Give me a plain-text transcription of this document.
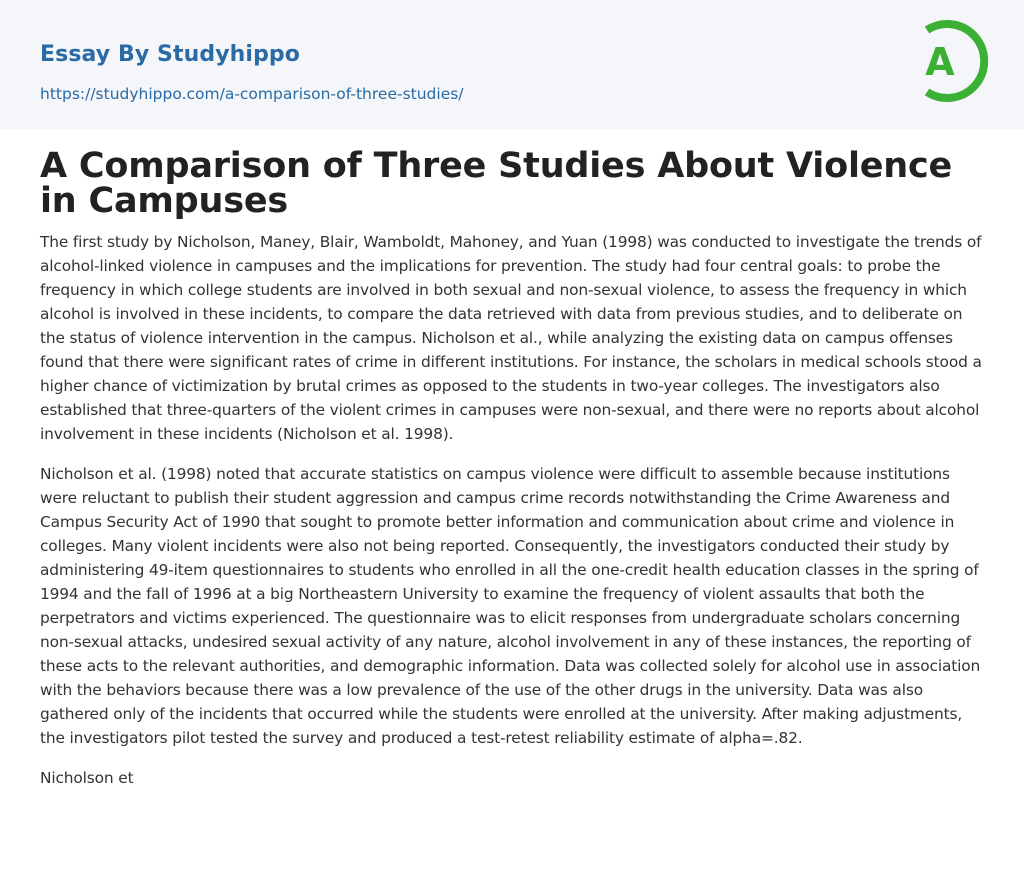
Essay By Studyhippo
https://studyhippo.com/a-comparison-of-three-studies/
A
A Comparison of Three Studies About Violence in Campuses

The first study by Nicholson, Maney, Blair, Wamboldt, Mahoney, and Yuan (1998) was conducted to investigate the trends of alcohol-linked violence in campuses and the implications for prevention. The study had four central goals: to probe the frequency in which college students are involved in both sexual and non-sexual violence, to assess the frequency in which alcohol is involved in these incidents, to compare the data retrieved with data from previous studies, and to deliberate on the status of violence intervention in the campus. Nicholson et al., while analyzing the existing data on campus offenses found that there were significant rates of crime in different institutions. For instance, the scholars in medical schools stood a higher chance of victimization by brutal crimes as opposed to the students in two-year colleges. The investigators also established that three-quarters of the violent crimes in campuses were non-sexual, and there were no reports about alcohol involvement in these incidents (Nicholson et al. 1998).

Nicholson et al. (1998) noted that accurate statistics on campus violence were difficult to assemble because institutions were reluctant to publish their student aggression and campus crime records notwithstanding the Crime Awareness and Campus Security Act of 1990 that sought to promote better information and communication about crime and violence in colleges. Many violent incidents were also not being reported. Consequently, the investigators conducted their study by administering 49-item questionnaires to students who enrolled in all the one-credit health education classes in the spring of 1994 and the fall of 1996 at a big Northeastern University to examine the frequency of violent assaults that both the perpetrators and victims experienced. The questionnaire was to elicit responses from undergraduate scholars concerning non-sexual attacks, undesired sexual activity of any nature, alcohol involvement in any of these instances, the reporting of these acts to the relevant authorities, and demographic information. Data was collected solely for alcohol use in association with the behaviors because there was a low prevalence of the use of the other drugs in the university. Data was also gathered only of the incidents that occurred while the students were enrolled at the university. After making adjustments, the investigators pilot tested the survey and produced a test-retest reliability estimate of alpha=.82.

Nicholson et
